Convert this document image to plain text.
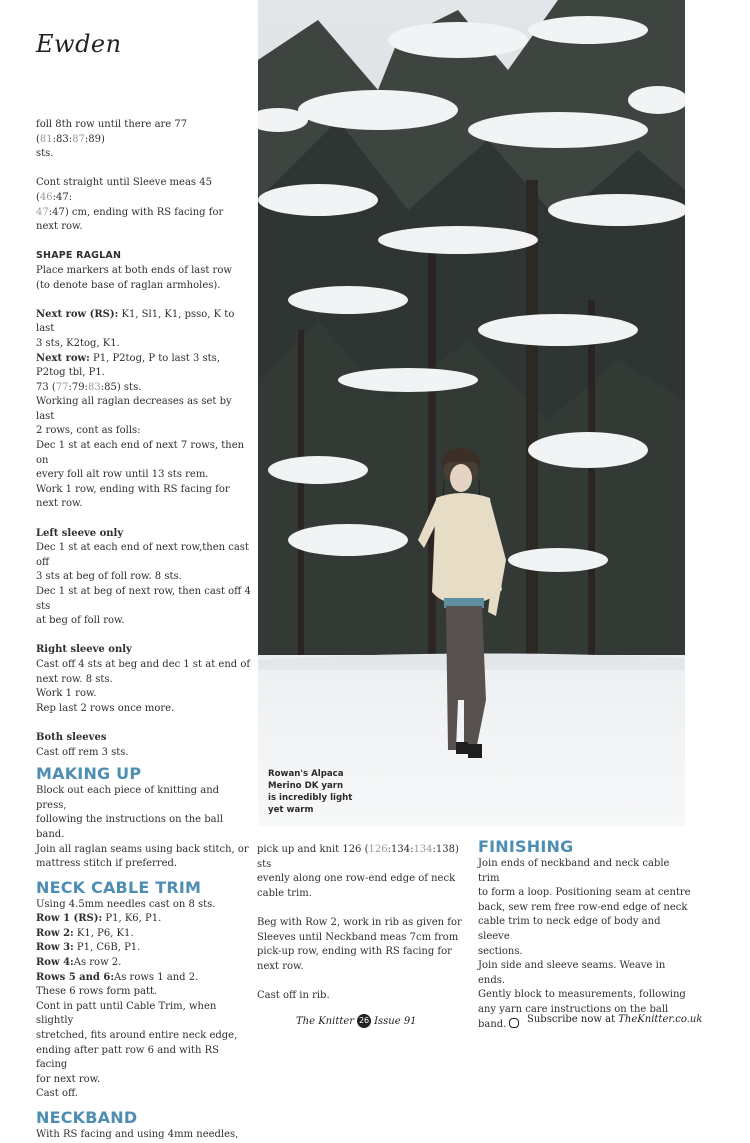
Ewden

foll 8th row until there are 77 (81:83:87:89)
sts.

Cont straight until Sleeve meas 45 (46:47:
47:47) cm, ending with RS facing for
next row.

SHAPE RAGLAN

Place markers at both ends of last row
(to denote base of raglan armholes).

Next row (RS): K1, Sl1, K1, psso, K to last
3 sts, K2tog, K1.
Next row: P1, P2tog, P to last 3 sts,
P2tog tbl, P1.
73 (77:79:83:85) sts.
Working all raglan decreases as set by last
2 rows, cont as folls:
Dec 1 st at each end of next 7 rows, then on
every foll alt row until 13 sts rem.
Work 1 row, ending with RS facing for
next row.
Left sleeve only

Dec 1 st at each end of next row,then cast off
3 sts at beg of foll row. 8 sts.
Dec 1 st at beg of next row, then cast off 4 sts
at beg of foll row.

Right sleeve only

Cast off 4 sts at beg and dec 1 st at end of
next row. 8 sts.
Work 1 row.
Rep last 2 rows once more.

Both sleeves
Cast off rem 3 sts.
MAKING UP
Block out each piece of knitting and press,
following the instructions on the ball band.
Join all raglan seams using back stitch, or
mattress stitch if preferred.
NECK CABLE TRIM
Using 4.5mm needles cast on 8 sts.
Row 1 (RS): P1, K6, P1.
Row 2: K1, P6, K1.
Row 3: P1, C6B, P1.
Row 4:As row 2.
Rows 5 and 6:As rows 1 and 2.
These 6 rows form patt.
Cont in patt until Cable Trim, when slightly
stretched, fits around entire neck edge,
ending after patt row 6 and with RS facing
for next row.
Cast off.
NECKBAND
With RS facing and using 4mm needles,
Rowan's Alpaca
Merino DK yarn
is incredibly light
yet warm

pick up and knit 126 (126:134:134:138) sts
evenly along one row-end edge of neck
cable trim.

Beg with Row 2, work in rib as given for
Sleeves until Neckband meas 7cm from
pick-up row, ending with RS facing for
next row.

Cast off in rib.

FINISHING
Join ends of neckband and neck cable trim
to form a loop. Positioning seam at centre
back, sew rem free row-end edge of neck
cable trim to neck edge of body and sleeve
sections.
Join side and sleeve seams. Weave in ends.
Gently block to measurements, following
any yarn care instructions on the ball
band.
The Knitter 26 Issue 91	Subscribe now at TheKnitter.co.uk
